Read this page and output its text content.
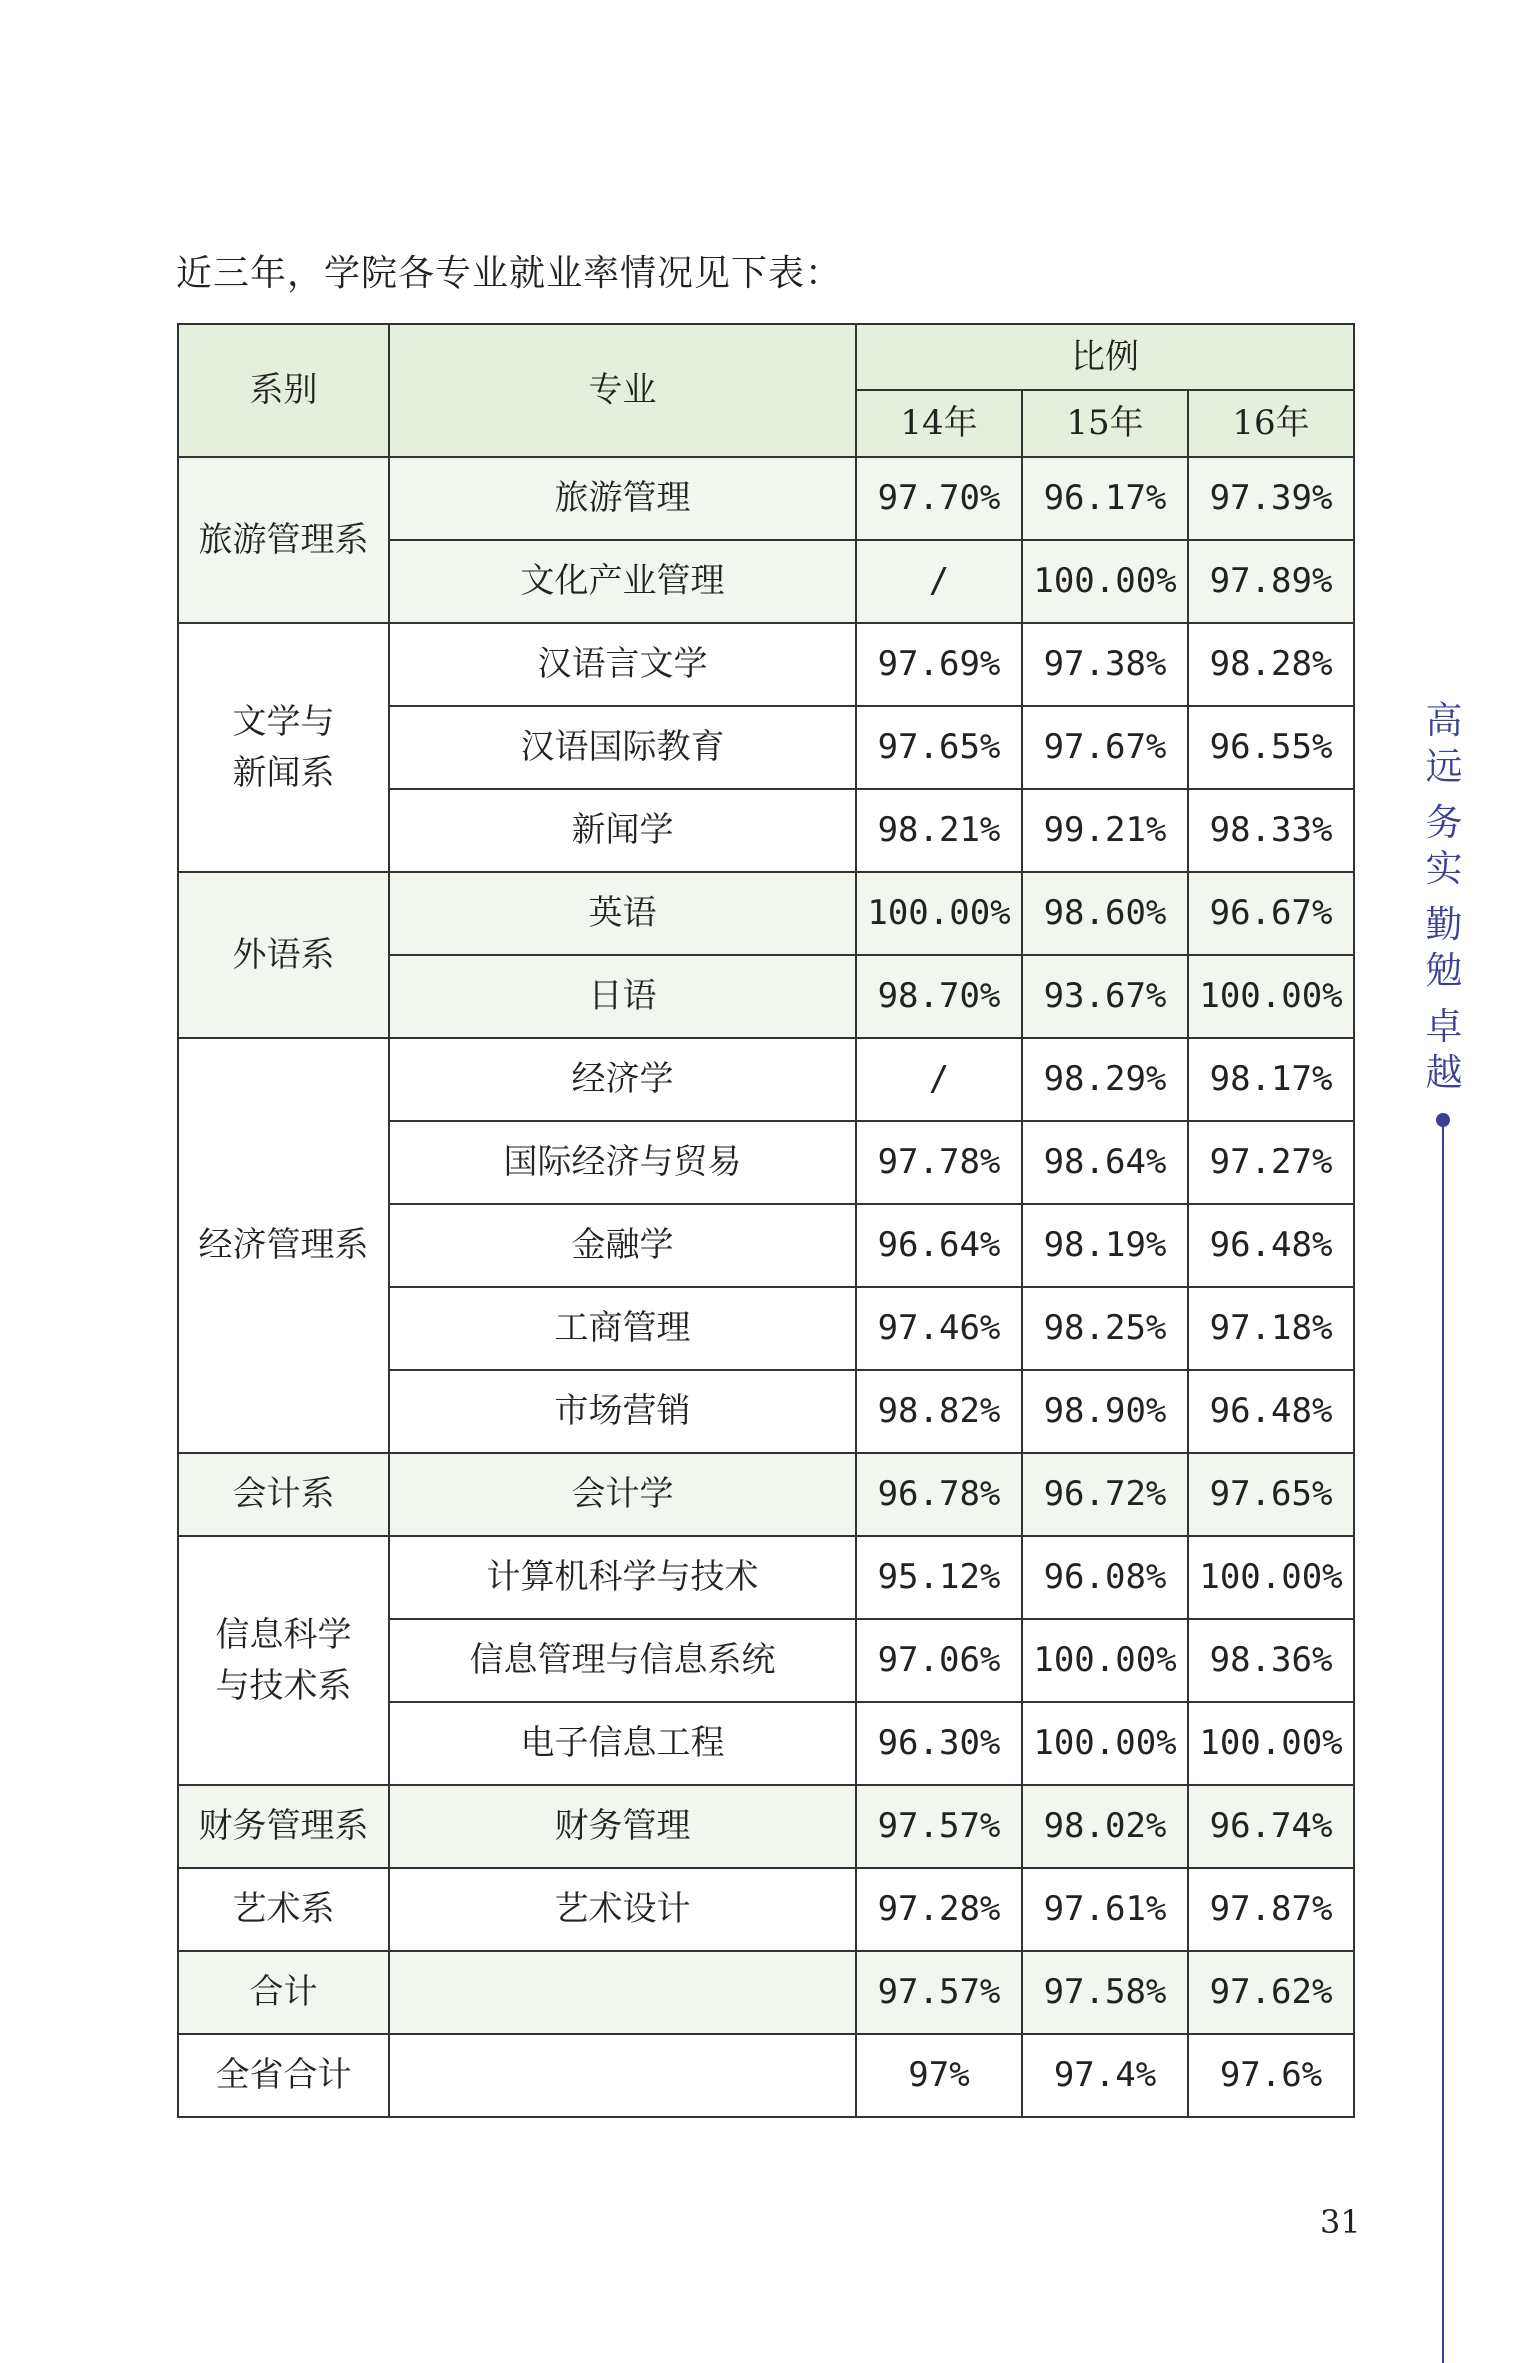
近三年，学院各专业就业率情况见下表：
系别	专业	比例		
		14年	15年	16年
旅游管理系	旅游管理	97.70%	96.17%	97.39%
	文化产业管理	/	100.00%	97.89%
文学与
新闻系	汉语言文学	97.69%	97.38%	98.28%
	汉语国际教育	97.65%	97.67%	96.55%
	新闻学	98.21%	99.21%	98.33%
外语系	英语	100.00%	98.60%	96.67%
	日语	98.70%	93.67%	100.00%
经济管理系	经济学	/	98.29%	98.17%
	国际经济与贸易	97.78%	98.64%	97.27%
	金融学	96.64%	98.19%	96.48%
	工商管理	97.46%	98.25%	97.18%
	市场营销	98.82%	98.90%	96.48%
会计系	会计学	96.78%	96.72%	97.65%
信息科学
与技术系	计算机科学与技术	95.12%	96.08%	100.00%
	信息管理与信息系统	97.06%	100.00%	98.36%
	电子信息工程	96.30%	100.00%	100.00%
财务管理系	财务管理	97.57%	98.02%	96.74%
艺术系	艺术设计	97.28%	97.61%	97.87%
合计		97.57%	97.58%	97.62%
全省合计		97%	97.4%	97.6%
高远
务实
勤勉
卓越
31
